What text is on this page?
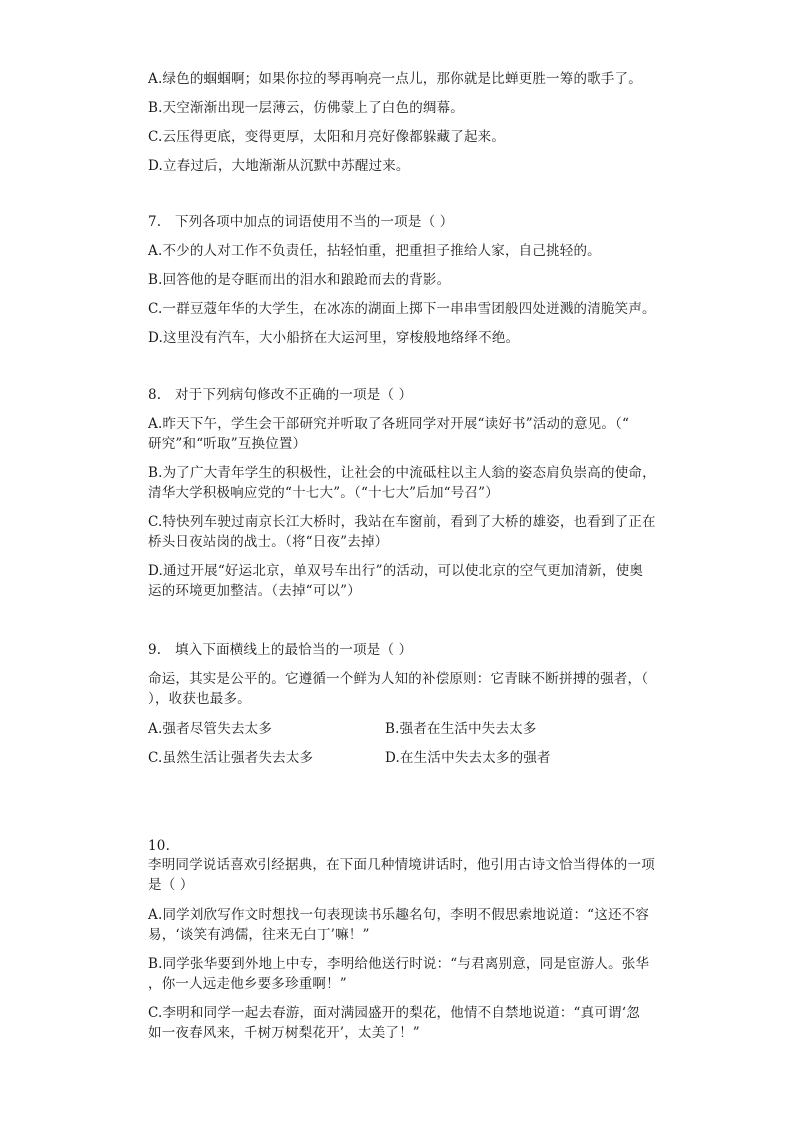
A.绿色的蝈蝈啊；如果你拉的琴再响亮一点儿，那你就是比蝉更胜一筹的歌手了。
B.天空渐渐出现一层薄云，仿佛蒙上了白色的绸幕。
C.云压得更底，变得更厚，太阳和月亮好像都躲藏了起来。
D.立春过后，大地渐渐从沉默中苏醒过来。
7.　下列各项中加点的词语使用不当的一项是（ ）
A.不少的人对工作不负责任，拈轻怕重，把重担子推给人家，自己挑轻的。
B.回答他的是夺眶而出的泪水和踉跄而去的背影。
C.一群豆蔻年华的大学生，在冰冻的湖面上掷下一串串雪团般四处迸溅的清脆笑声。
D.这里没有汽车，大小船挤在大运河里，穿梭般地络绎不绝。
8.　对于下列病句修改不正确的一项是（ ）
A.昨天下午，学生会干部研究并听取了各班同学对开展“读好书”活动的意见。（“
研究”和“听取”互换位置）
B.为了广大青年学生的积极性，让社会的中流砥柱以主人翁的姿态肩负崇高的使命，
清华大学积极响应党的“十七大”。（“十七大”后加“号召”）
C.特快列车驶过南京长江大桥时，我站在车窗前，看到了大桥的雄姿，也看到了正在
桥头日夜站岗的战士。（将“日夜”去掉）
D.通过开展“好运北京，单双号车出行”的活动，可以使北京的空气更加清新，使奥
运的环境更加整洁。（去掉“可以”）
9.　填入下面横线上的最恰当的一项是（ ）
命运，其实是公平的。它遵循一个鲜为人知的补偿原则：它青睐不断拼搏的强者，（
），收获也最多。
A.强者尽管失去太多	B.强者在生活中失去太多
C.虽然生活让强者失去太多	D.在生活中失去太多的强者
10.
李明同学说话喜欢引经据典，在下面几种情境讲话时，他引用古诗文恰当得体的一项
是（ ）
A.同学刘欣写作文时想找一句表现读书乐趣名句，李明不假思索地说道：“这还不容
易，‘谈笑有鸿儒，往来无白丁’嘛！”
B.同学张华要到外地上中专，李明给他送行时说：“与君离别意，同是宦游人。张华
，你一人远走他乡要多珍重啊！”
C.李明和同学一起去春游，面对满园盛开的梨花，他情不自禁地说道：“真可谓‘忽
如一夜春风来，千树万树梨花开’，太美了！”
